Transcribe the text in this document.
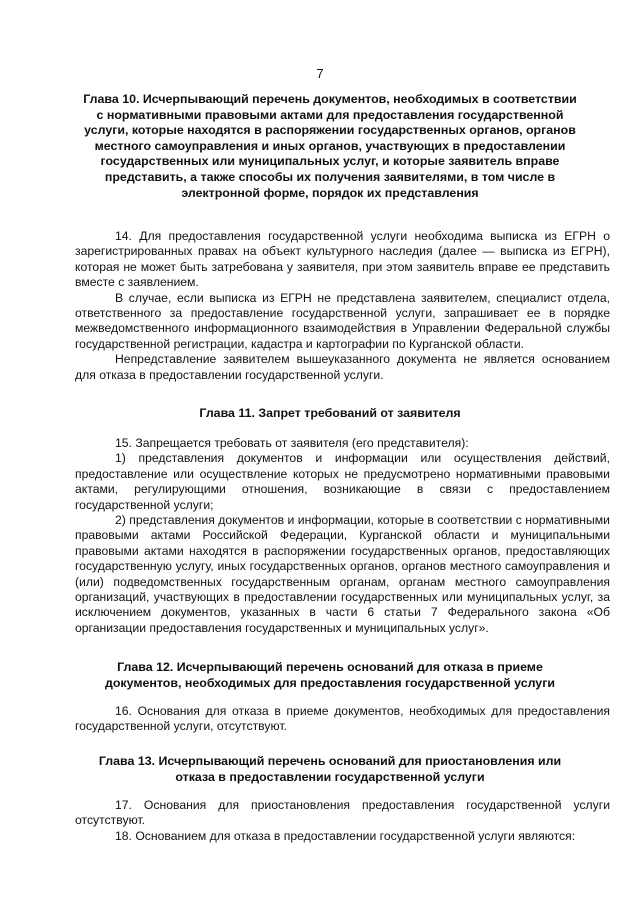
7
Глава 10. Исчерпывающий перечень документов, необходимых в соответствии с нормативными правовыми актами для предоставления государственной услуги, которые находятся в распоряжении государственных органов, органов местного самоуправления и иных органов, участвующих в предоставлении государственных или муниципальных услуг, и которые заявитель вправе представить, а также способы их получения заявителями, в том числе в электронной форме, порядок их представления

14. Для предоставления государственной услуги необходима выписка из ЕГРН о зарегистрированных правах на объект культурного наследия (далее — выписка из ЕГРН), которая не может быть затребована у заявителя, при этом заявитель вправе ее представить вместе с заявлением.

В случае, если выписка из ЕГРН не представлена заявителем, специалист отдела, ответственного за предоставление государственной услуги, запрашивает ее в порядке межведомственного информационного взаимодействия в Управлении Федеральной службы государственной регистрации, кадастра и картографии по Курганской области.

Непредставление заявителем вышеуказанного документа не является основанием для отказа в предоставлении государственной услуги.

Глава 11. Запрет требований от заявителя

15. Запрещается требовать от заявителя (его представителя):

1) представления документов и информации или осуществления действий, предоставление или осуществление которых не предусмотрено нормативными правовыми актами, регулирующими отношения, возникающие в связи с предоставлением государственной услуги;

2) представления документов и информации, которые в соответствии с нормативными правовыми актами Российской Федерации, Курганской области и муниципальными правовыми актами находятся в распоряжении государственных органов, предоставляющих государственную услугу, иных государственных органов, органов местного самоуправления и (или) подведомственных государственным органам, органам местного самоуправления организаций, участвующих в предоставлении государственных или муниципальных услуг, за исключением документов, указанных в части 6 статьи 7 Федерального закона «Об организации предоставления государственных и муниципальных услуг».

Глава 12. Исчерпывающий перечень оснований для отказа в приеме документов, необходимых для предоставления государственной услуги

16. Основания для отказа в приеме документов, необходимых для предоставления государственной услуги, отсутствуют.

Глава 13. Исчерпывающий перечень оснований для приостановления или отказа в предоставлении государственной услуги

17. Основания для приостановления предоставления государственной услуги отсутствуют.

18. Основанием для отказа в предоставлении государственной услуги являются:
